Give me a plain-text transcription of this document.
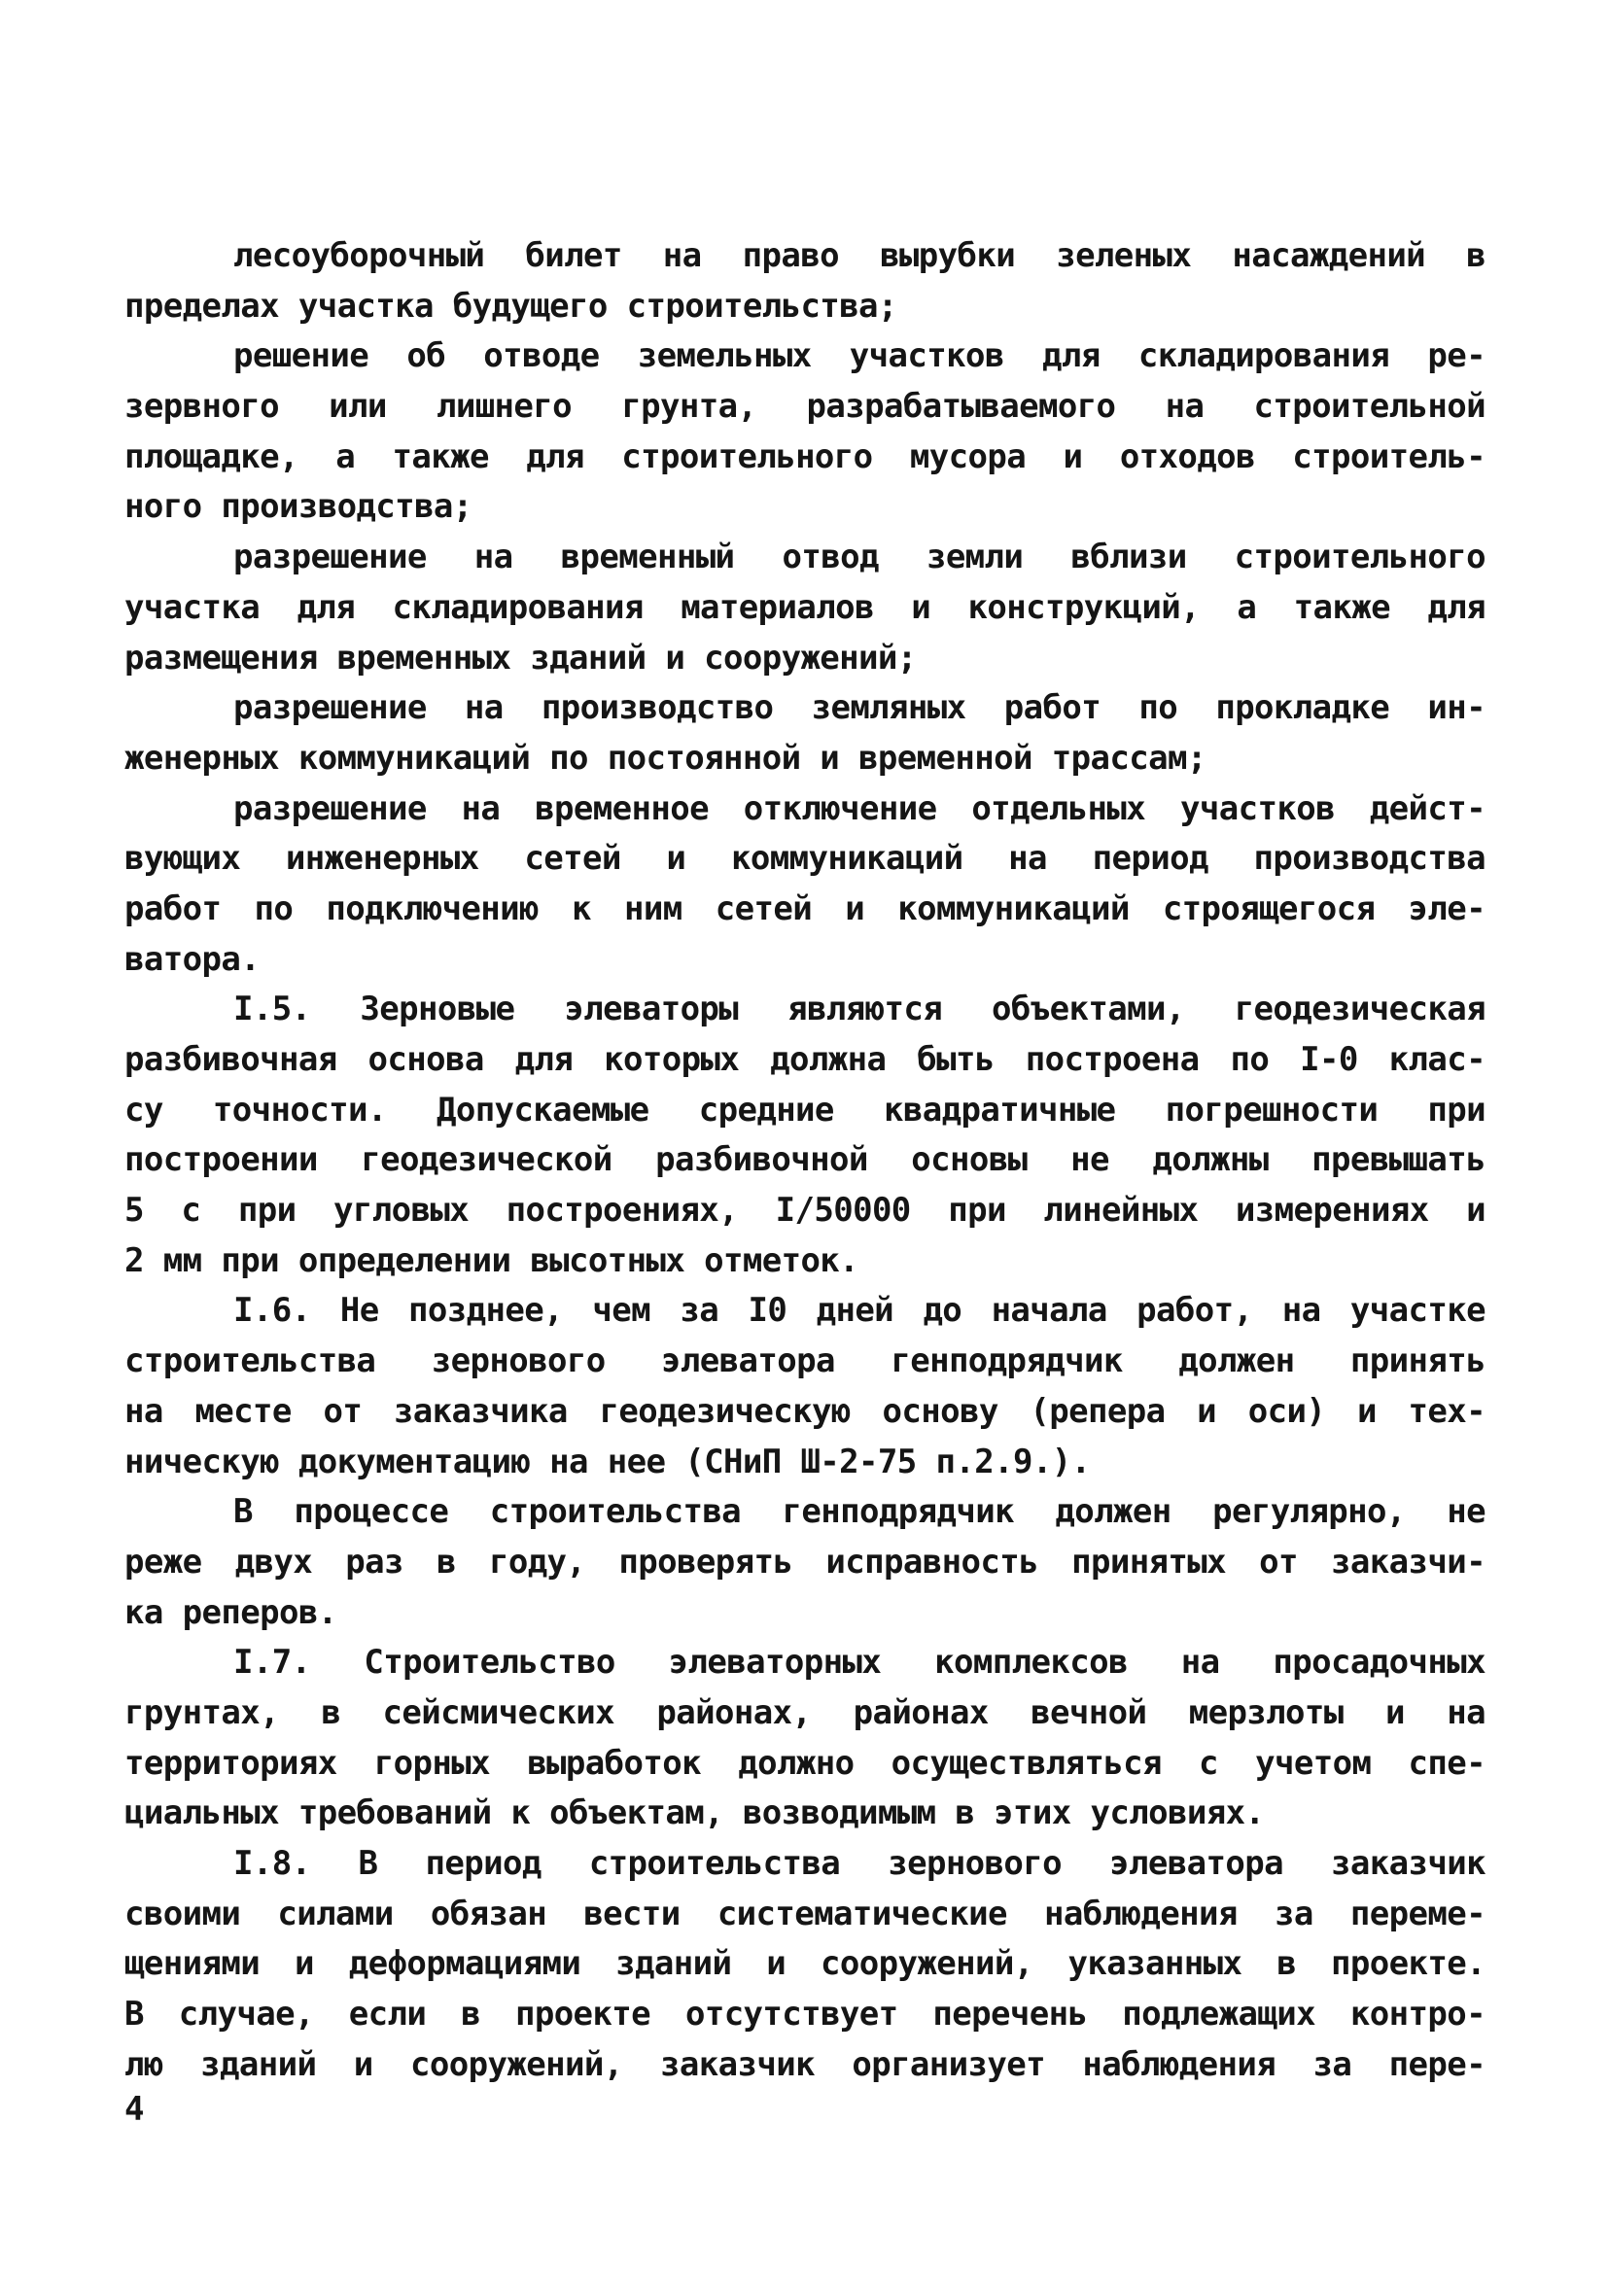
лесоуборочный билет на право вырубки зеленых насаждений в
пределах участка будущего строительства;
решение об отводе земельных участков для складирования ре-
зервного или лишнего грунта, разрабатываемого на строительной
площадке, а также для строительного мусора и отходов строитель-
ного производства;
разрешение на временный отвод земли вблизи строительного
участка для складирования материалов и конструкций, а также для
размещения временных зданий и сооружений;
разрешение на производство земляных работ по прокладке ин-
женерных коммуникаций по постоянной и временной трассам;
разрешение на временное отключение отдельных участков дейст-
вующих инженерных сетей и коммуникаций на период производства
работ по подключению к ним сетей и коммуникаций строящегося эле-
ватора.
I.5. Зерновые элеваторы являются объектами, геодезическая
разбивочная основа для которых должна быть построена по I-0 клас-
су точности. Допускаемые средние квадратичные погрешности при
построении геодезической разбивочной основы не должны превышать
5 с при угловых построениях, I/50000 при линейных измерениях и
2 мм при определении высотных отметок.
I.6. Не позднее, чем за I0 дней до начала работ, на участке
строительства зернового элеватора генподрядчик должен принять
на месте от заказчика геодезическую основу (репера и оси) и тех-
ническую документацию на нее (СНиП Ш-2-75 п.2.9.).
В процессе строительства генподрядчик должен регулярно, не
реже двух раз в году, проверять исправность принятых от заказчи-
ка реперов.
I.7. Строительство элеваторных комплексов на просадочных
грунтах, в сейсмических районах, районах вечной мерзлоты и на
территориях горных выработок должно осуществляться с учетом спе-
циальных требований к объектам, возводимым в этих условиях.
I.8. В период строительства зернового элеватора заказчик
своими силами обязан вести систематические наблюдения за переме-
щениями и деформациями зданий и сооружений, указанных в проекте.
В случае, если в проекте отсутствует перечень подлежащих контро-
лю зданий и сооружений, заказчик организует наблюдения за пере-
4
